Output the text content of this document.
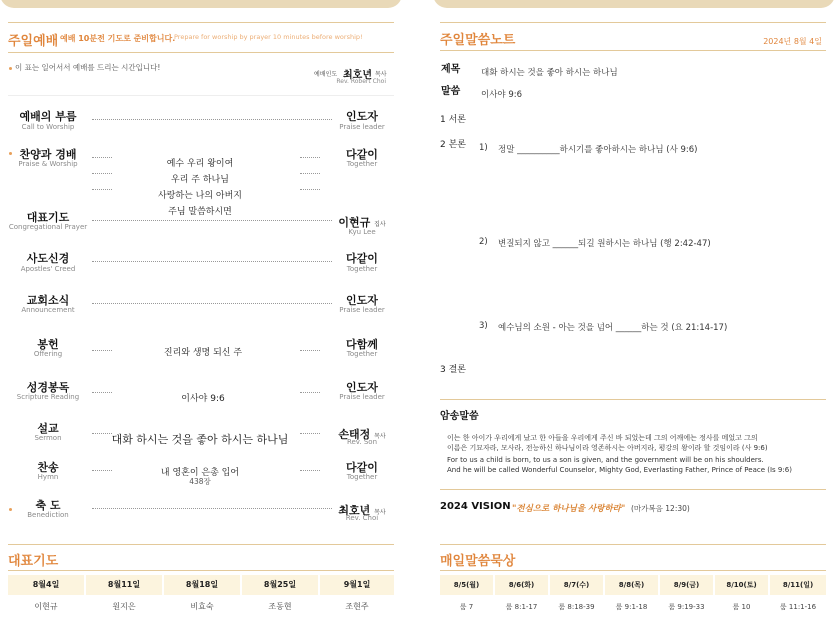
주일예배 예배 10분전 기도로 준비합니다.
Prepare for worship by prayer 10 minutes before worship!
이 표는 일어서서 예배를 드리는 시간입니다!
예배인도 최호년 목사
Rev. Robert Choi
예배의 부름
Call to Worship
인도자
Praise leader
찬양과 경배
Praise & Worship	예수 우리 왕이여
우리 주 하나님
사랑하는 나의 아버지
주님 말씀하시면
다같이
Together
대표기도
Congregational Prayer	이현규 집사
Kyu Lee
사도신경
Apostles' Creed
다같이
Together
교회소식
Announcement
인도자
Praise leader
봉헌
Offering	진리와 생명 되신 주
다함께
Together
성경봉독
Scripture Reading	이사야 9:6
인도자
Praise leader
설교
Sermon	대화 하시는 것을 좋아 하시는 하나님	손태정 목사
Rev. Son
찬송
Hymn	내 영혼이 은총 입어
438장
다같이
Together
축 도
Benediction	최호년 목사
Rev. Choi
대표기도
8월4일	8월11일	8월18일	8월25일	9월1일
이현규	원지은	비효숙	조동현	조현주
주일말씀노트	2024년 8월 4일
제목 대화 하시는 것을 좋아 하시는 하나님
말씀 이사야 9:6
1 서론
2 본론 1) 정말 __________하시기를 좋아하시는 하나님 (사 9:6)
2) 변질되지 않고 ______되길 원하시는 하나님 (행 2:42-47)
3) 예수님의 소원 - 아는 것을 넘어 ______하는 것 (요 21:14-17)
3 결론
암송말씀
이는 한 아이가 우리에게 났고 한 아들을 우리에게 주신 바 되었는데 그의 어깨에는 정사를 메었고 그의
이름은 기묘자라, 모사라, 전능하신 하나님이라 영존하시는 아버지라, 평강의 왕이라 할 것임이라 (사 9:6)
For to us a child is born, to us a son is given, and the government will be on his shoulders.
And he will be called Wonderful Counselor, Mighty God, Everlasting Father, Prince of Peace (Is 9:6)
2024 VISION "전심으로 하나님을 사랑하라" (마가복음 12:30)
매일말씀묵상
8/5(월)	8/6(화)	8/7(수)	8/8(목)	8/9(금)	8/10(토)	8/11(일)
룸 7	룸 8:1-17	룸 8:18-39	룸 9:1-18	룸 9:19-33	룸 10	룸 11:1-16
